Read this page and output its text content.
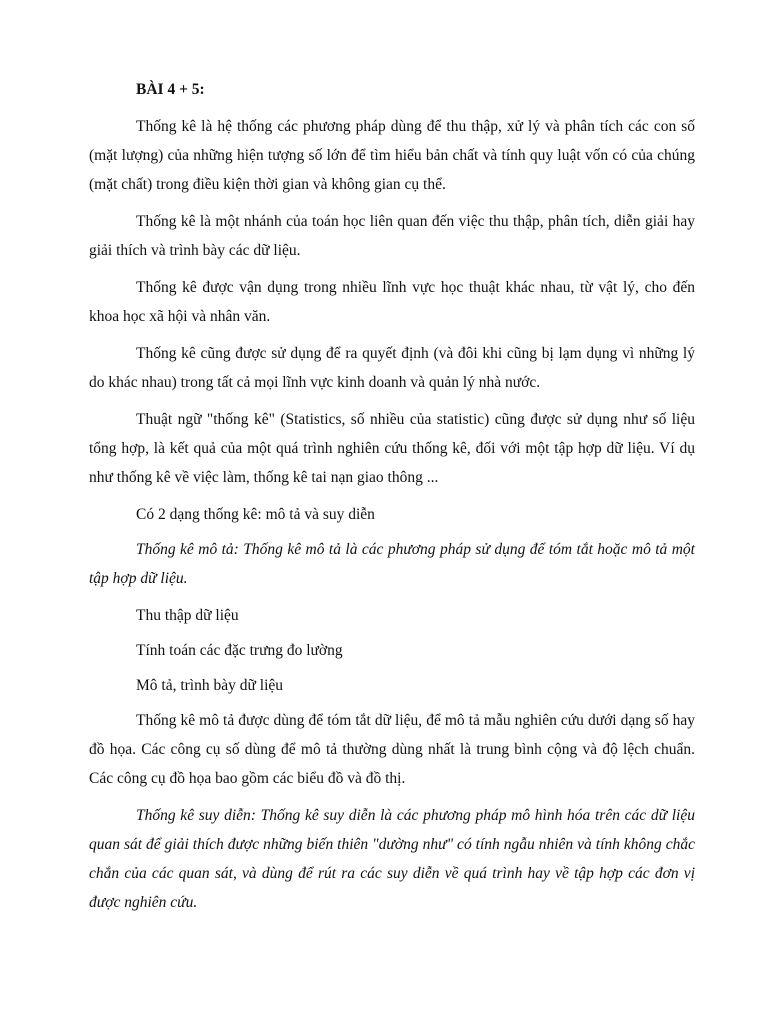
BÀI 4 + 5:

Thống kê là hệ thống các phương pháp dùng để thu thập, xử lý và phân tích các con số (mặt lượng) của những hiện tượng số lớn để tìm hiểu bản chất và tính quy luật vốn có của chúng (mặt chất) trong điều kiện thời gian và không gian cụ thể.

Thống kê là một nhánh của toán học liên quan đến việc thu thập, phân tích, diễn giải hay giải thích và trình bày các dữ liệu.

Thống kê được vận dụng trong nhiều lĩnh vực học thuật khác nhau, từ vật lý, cho đến khoa học xã hội và nhân văn.

Thống kê cũng được sử dụng để ra quyết định (và đôi khi cũng bị lạm dụng vì những lý do khác nhau) trong tất cả mọi lĩnh vực kinh doanh và quản lý nhà nước.

Thuật ngữ "thống kê" (Statistics, số nhiều của statistic) cũng được sử dụng như số liệu tổng hợp, là kết quả của một quá trình nghiên cứu thống kê, đối với một tập hợp dữ liệu. Ví dụ như thống kê về việc làm, thống kê tai nạn giao thông ...

Có 2 dạng thống kê: mô tả và suy diễn

Thống kê mô tả: Thống kê mô tả là các phương pháp sử dụng để tóm tắt hoặc mô tả một tập hợp dữ liệu.

Thu thập dữ liệu

Tính toán các đặc trưng đo lường

Mô tả, trình bày dữ liệu

Thống kê mô tả được dùng để tóm tắt dữ liệu, để mô tả mẫu nghiên cứu dưới dạng số hay đồ họa. Các công cụ số dùng để mô tả thường dùng nhất là trung bình cộng và độ lệch chuẩn. Các công cụ đồ họa bao gồm các biểu đồ và đồ thị.

Thống kê suy diễn: Thống kê suy diễn là các phương pháp mô hình hóa trên các dữ liệu quan sát để giải thích được những biến thiên "dường như" có tính ngẫu nhiên và tính không chắc chắn của các quan sát, và dùng để rút ra các suy diễn về quá trình hay về tập hợp các đơn vị được nghiên cứu.
